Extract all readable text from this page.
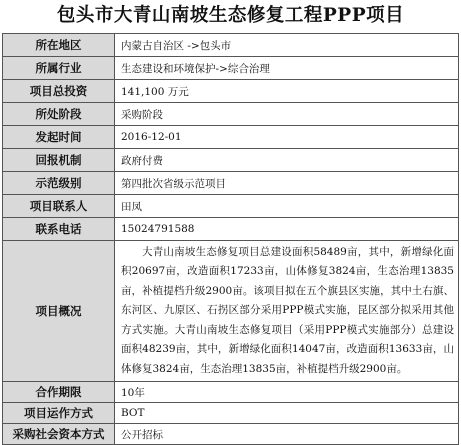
包头市大青山南坡生态修复工程PPP项目
所在地区	内蒙古自治区 ->包头市
所属行业	生态建设和环境保护->综合治理
项目总投资	141,100 万元
所处阶段	采购阶段
发起时间	2016-12-01
回报机制	政府付费
示范级别	第四批次省级示范项目
项目联系人	田凤
联系电话	15024791588
项目概况	大青山南坡生态修复项目总建设面积58489亩，其中，新增绿化面积20697亩，改造面积17233亩，山体修复3824亩，生态治理13835亩，补植提档升级2900亩。该项目拟在五个旗县区实施，其中土右旗、东河区、九原区、石拐区部分采用PPP模式实施，昆区部分拟采用其他方式实施。大青山南坡生态修复项目（采用PPP模式实施部分）总建设面积48239亩，其中，新增绿化面积14047亩，改造面积13633亩，山体修复3824亩，生态治理13835亩，补植提档升级2900亩。
合作期限	10年
项目运作方式	BOT
采购社会资本方式	公开招标
